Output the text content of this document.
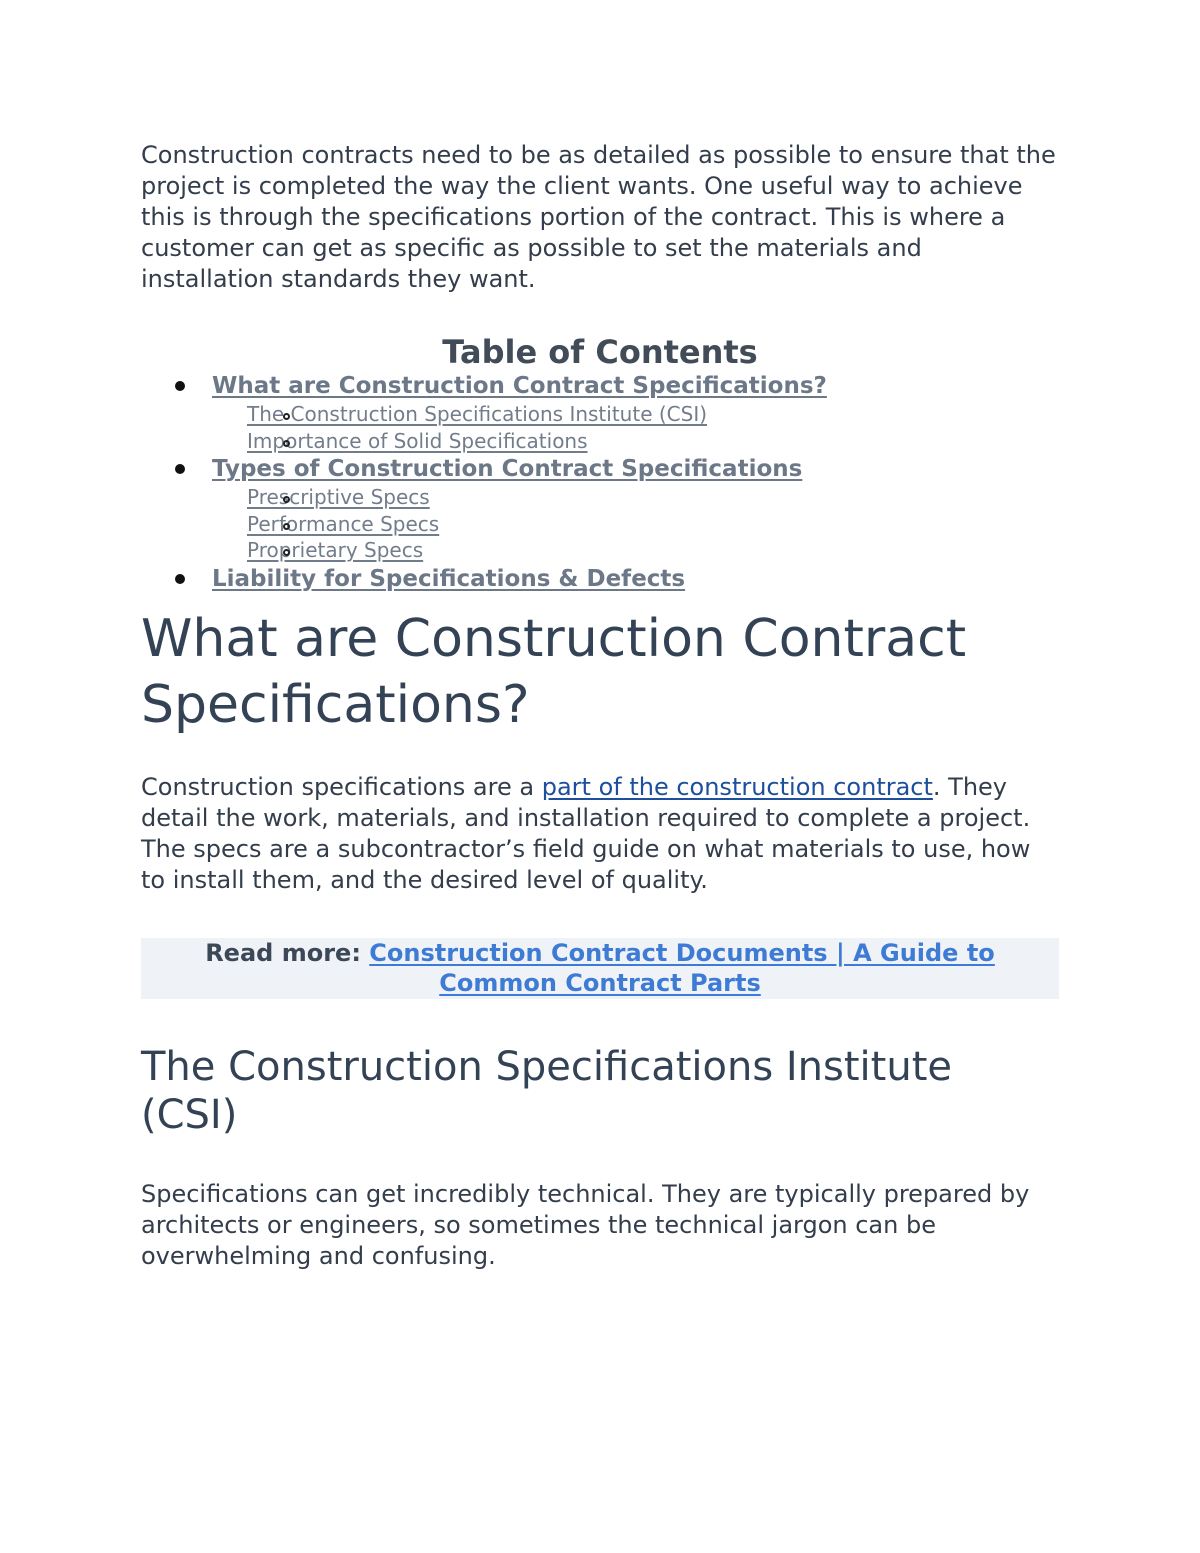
Construction contracts need to be as detailed as possible to ensure that the project is completed the way the client wants. One useful way to achieve this is through the specifications portion of the contract. This is where a customer can get as specific as possible to set the materials and installation standards they want.

Table of Contents
What are Construction Contract Specifications?
The Construction Specifications Institute (CSI)
Importance of Solid Specifications
Types of Construction Contract Specifications
Prescriptive Specs
Performance Specs
Proprietary Specs
Liability for Specifications & Defects
What are Construction Contract Specifications?

Construction specifications are a part of the construction contract. They detail the work, materials, and installation required to complete a project. The specs are a subcontractor’s field guide on what materials to use, how to install them, and the desired level of quality.

Read more: Construction Contract Documents | A Guide to Common Contract Parts
The Construction Specifications Institute (CSI)

Specifications can get incredibly technical. They are typically prepared by architects or engineers, so sometimes the technical jargon can be overwhelming and confusing.
